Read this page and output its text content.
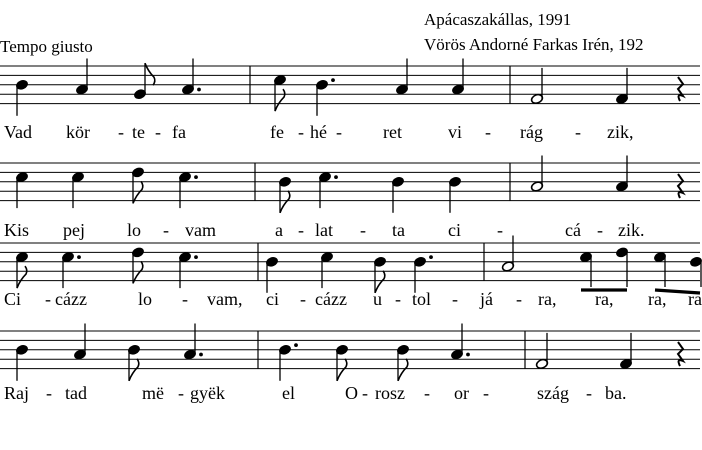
Tempo giusto
Apácaszakállas, 1991
Vörös Andorné Farkas Irén, 192
Vad kör - te - fa	fe - hé - ret	vi - rág - zik,
Kis pej lo - vam	a - lat - ta ci -	cá - zik.
Ci - cázz	lo - vam, ci - cázz u - tol - já - ra, ra, ra, ra
Raj - tad	më - gyëk	el	O - rosz - or -	szág - ba.
